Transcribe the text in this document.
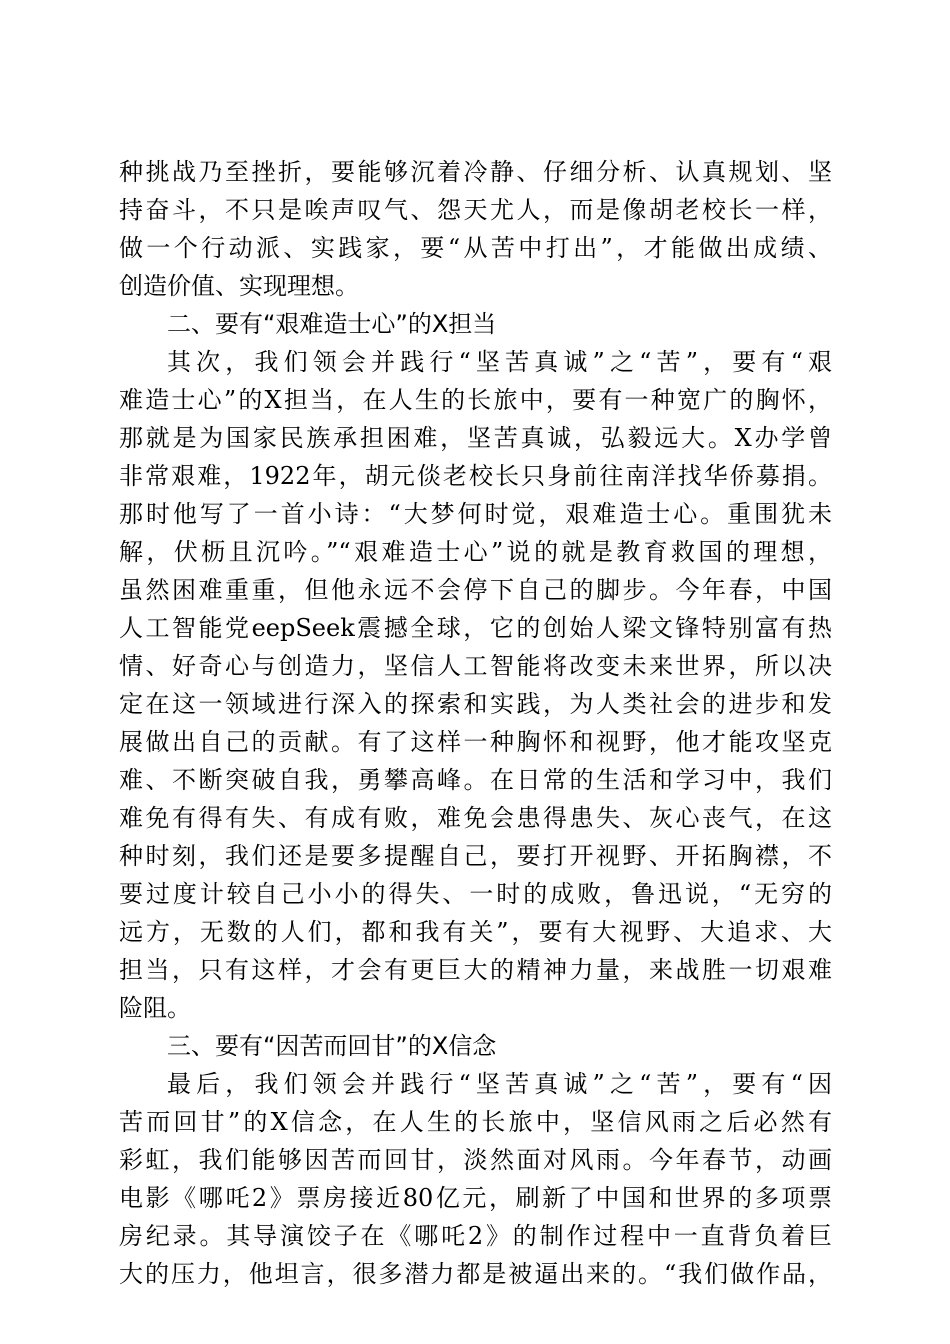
种挑战乃至挫折，要能够沉着冷静、仔细分析、认真规划、坚
持奋斗，不只是唉声叹气、怨天尤人，而是像胡老校长一样，
做一个行动派、实践家，要“从苦中打出”，才能做出成绩、
创造价值、实现理想。
二、要有“艰难造士心”的X担当
其次，我们领会并践行“坚苦真诚”之“苦”，要有“艰
难造士心”的X担当，在人生的长旅中，要有一种宽广的胸怀，
那就是为国家民族承担困难，坚苦真诚，弘毅远大。X办学曾
非常艰难，1922年，胡元倓老校长只身前往南洋找华侨募捐。
那时他写了一首小诗：“大梦何时觉，艰难造士心。重围犹未
解，伏枥且沉吟。”“艰难造士心”说的就是教育救国的理想，
虽然困难重重，但他永远不会停下自己的脚步。今年春，中国
人工智能党eepSeek震撼全球，它的创始人梁文锋特别富有热
情、好奇心与创造力，坚信人工智能将改变未来世界，所以决
定在这一领域进行深入的探索和实践，为人类社会的进步和发
展做出自己的贡献。有了这样一种胸怀和视野，他才能攻坚克
难、不断突破自我，勇攀高峰。在日常的生活和学习中，我们
难免有得有失、有成有败，难免会患得患失、灰心丧气，在这
种时刻，我们还是要多提醒自己，要打开视野、开拓胸襟，不
要过度计较自己小小的得失、一时的成败，鲁迅说，“无穷的
远方，无数的人们，都和我有关”，要有大视野、大追求、大
担当，只有这样，才会有更巨大的精神力量，来战胜一切艰难
险阻。
三、要有“因苦而回甘”的X信念
最后，我们领会并践行“坚苦真诚”之“苦”，要有“因
苦而回甘”的X信念，在人生的长旅中，坚信风雨之后必然有
彩虹，我们能够因苦而回甘，淡然面对风雨。今年春节，动画
电影《哪吒2》票房接近80亿元，刷新了中国和世界的多项票
房纪录。其导演饺子在《哪吒2》的制作过程中一直背负着巨
大的压力，他坦言，很多潜力都是被逼出来的。“我们做作品，
